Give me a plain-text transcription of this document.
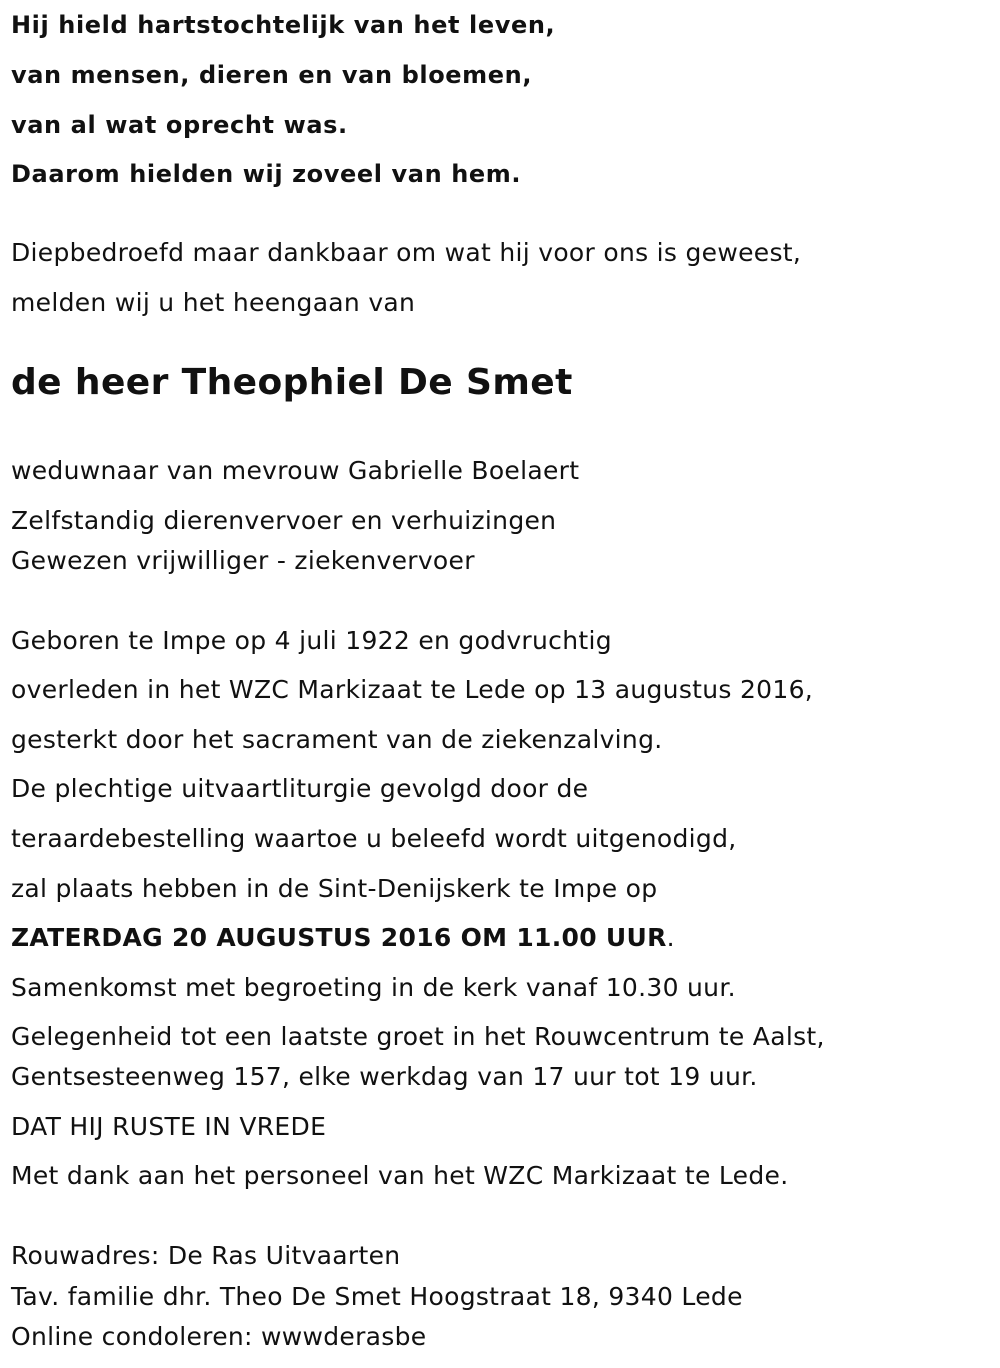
Hij hield hartstochtelijk van het leven,
van mensen, dieren en van bloemen,
van al wat oprecht was.
Daarom hielden wij zoveel van hem.
Diepbedroefd maar dankbaar om wat hij voor ons is geweest,
melden wij u het heengaan van
de heer Theophiel De Smet
weduwnaar van mevrouw Gabrielle Boelaert
Zelfstandig dierenvervoer en verhuizingen
Gewezen vrijwilliger - ziekenvervoer
Geboren te Impe op 4 juli 1922 en godvruchtig
overleden in het WZC Markizaat te Lede op 13 augustus 2016,
gesterkt door het sacrament van de ziekenzalving.
De plechtige uitvaartliturgie gevolgd door de
teraardebestelling waartoe u beleefd wordt uitgenodigd,
zal plaats hebben in de Sint-Denijskerk te Impe op
ZATERDAG 20 AUGUSTUS 2016 OM 11.00 UUR.
Samenkomst met begroeting in de kerk vanaf 10.30 uur.
Gelegenheid tot een laatste groet in het Rouwcentrum te Aalst,
Gentsesteenweg 157, elke werkdag van 17 uur tot 19 uur.
DAT HIJ RUSTE IN VREDE
Met dank aan het personeel van het WZC Markizaat te Lede.
Rouwadres: De Ras Uitvaarten
Tav. familie dhr. Theo De Smet Hoogstraat 18, 9340 Lede
Online condoleren: wwwderasbe
